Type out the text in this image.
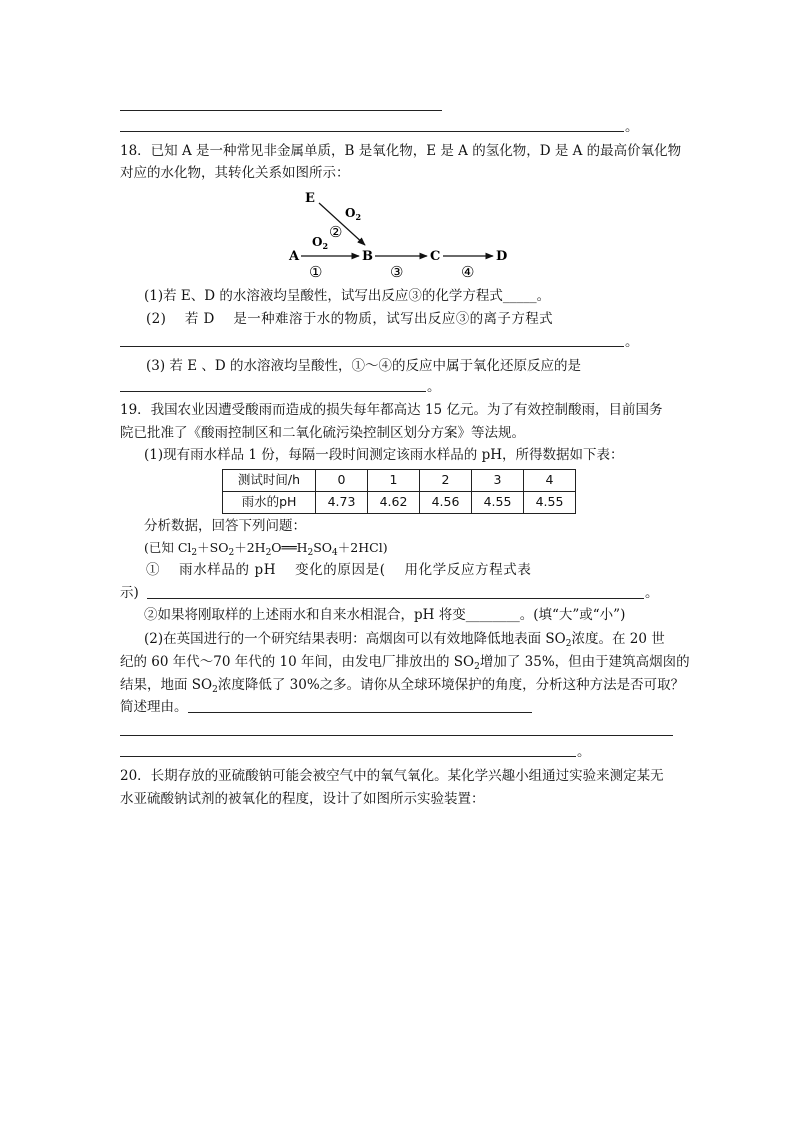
。
18．已知 A 是一种常见非金属单质，B 是氧化物，E 是 A 的氢化物，D 是 A 的最高价氧化物
对应的水化物，其转化关系如图所示：
E
A	B	C	D
$O_2$
$O_2$
①
②
③	④
(1)若 E、D 的水溶液均呈酸性，试写出反应③的化学方程式_____。
(2)　 若 D　 是一种难溶于水的物质，试写出反应③的离子方程式
。
(3) 若 E 、D 的水溶液均呈酸性，①～④的反应中属于氧化还原反应的是
。
19．我国农业因遭受酸雨而造成的损失每年都高达 15 亿元。为了有效控制酸雨，目前国务
院已批准了《酸雨控制区和二氧化硫污染控制区划分方案》等法规。
(1)现有雨水样品 1 份，每隔一段时间测定该雨水样品的 pH，所得数据如下表：
测试时间/h	0	1	2	3	4
雨水的pH	4.73	4.62	4.56	4.55	4.55
分析数据，回答下列问题：
(已知 $Cl_2+SO_2+2H_2O══H_2SO_4+2HCl$)
①　 雨水样品的 pH　 变化的原因是(　 用化学反应方程式表
示)	。
②如果将刚取样的上述雨水和自来水相混合，pH 将变________。(填“大”或“小”)
(2)在英国进行的一个研究结果表明：高烟囱可以有效地降低地表面 $SO_2$浓度。在 20 世
纪的 60 年代～70 年代的 10 年间，由发电厂排放出的 $SO_2$增加了 35%，但由于建筑高烟囱的
结果，地面 $SO_2$浓度降低了 30%之多。请你从全球环境保护的角度，分析这种方法是否可取？
简述理由。
。
20．长期存放的亚硫酸钠可能会被空气中的氧气氧化。某化学兴趣小组通过实验来测定某无
水亚硫酸钠试剂的被氧化的程度，设计了如图所示实验装置：
